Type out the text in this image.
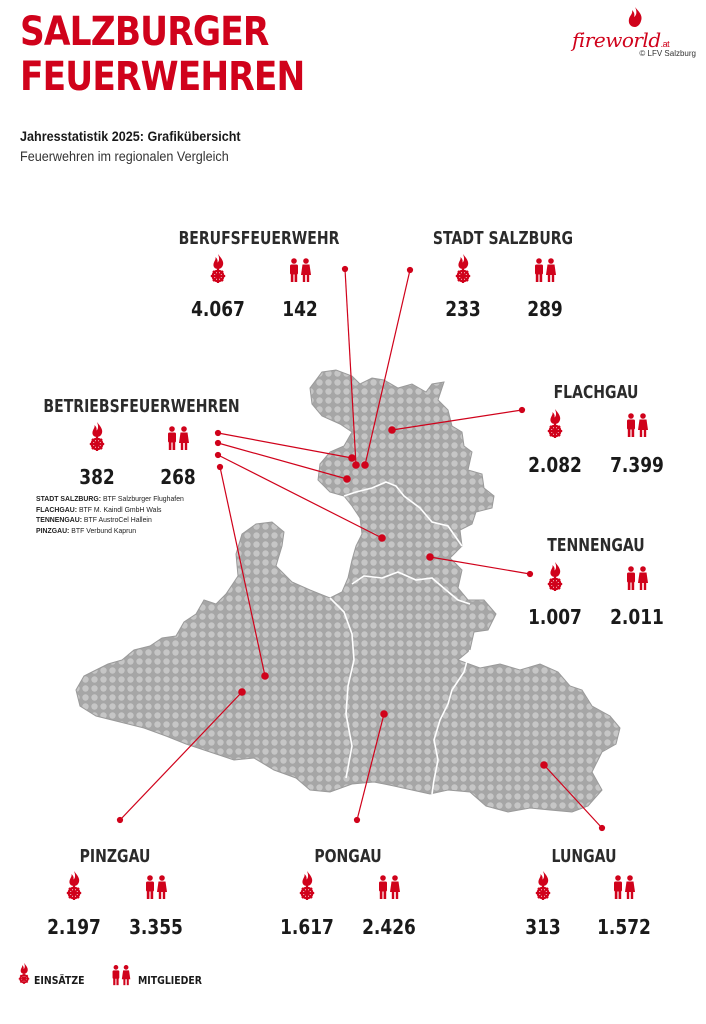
SALZBURGER
FEUERWEHREN
fireworld.at
© LFV Salzburg
Jahresstatistik 2025: Grafikübersicht
Feuerwehren im regionalen Vergleich
BERUFSFEUERWEHR
4.067	142
STADT SALZBURG
233	289
BETRIEBSFEUERWEHREN
382	268
FLACHGAU
2.082	7.399
TENNENGAU
1.007	2.011
PINZGAU
2.197	3.355
PONGAU
1.617	2.426
LUNGAU
313	1.572
STADT SALZBURG: BTF Salzburger Flughafen
FLACHGAU: BTF M. Kaindl GmbH Wals
TENNENGAU: BTF AustroCel Hallein
PINZGAU: BTF Verbund Kaprun
EINSÄTZE	MITGLIEDER
